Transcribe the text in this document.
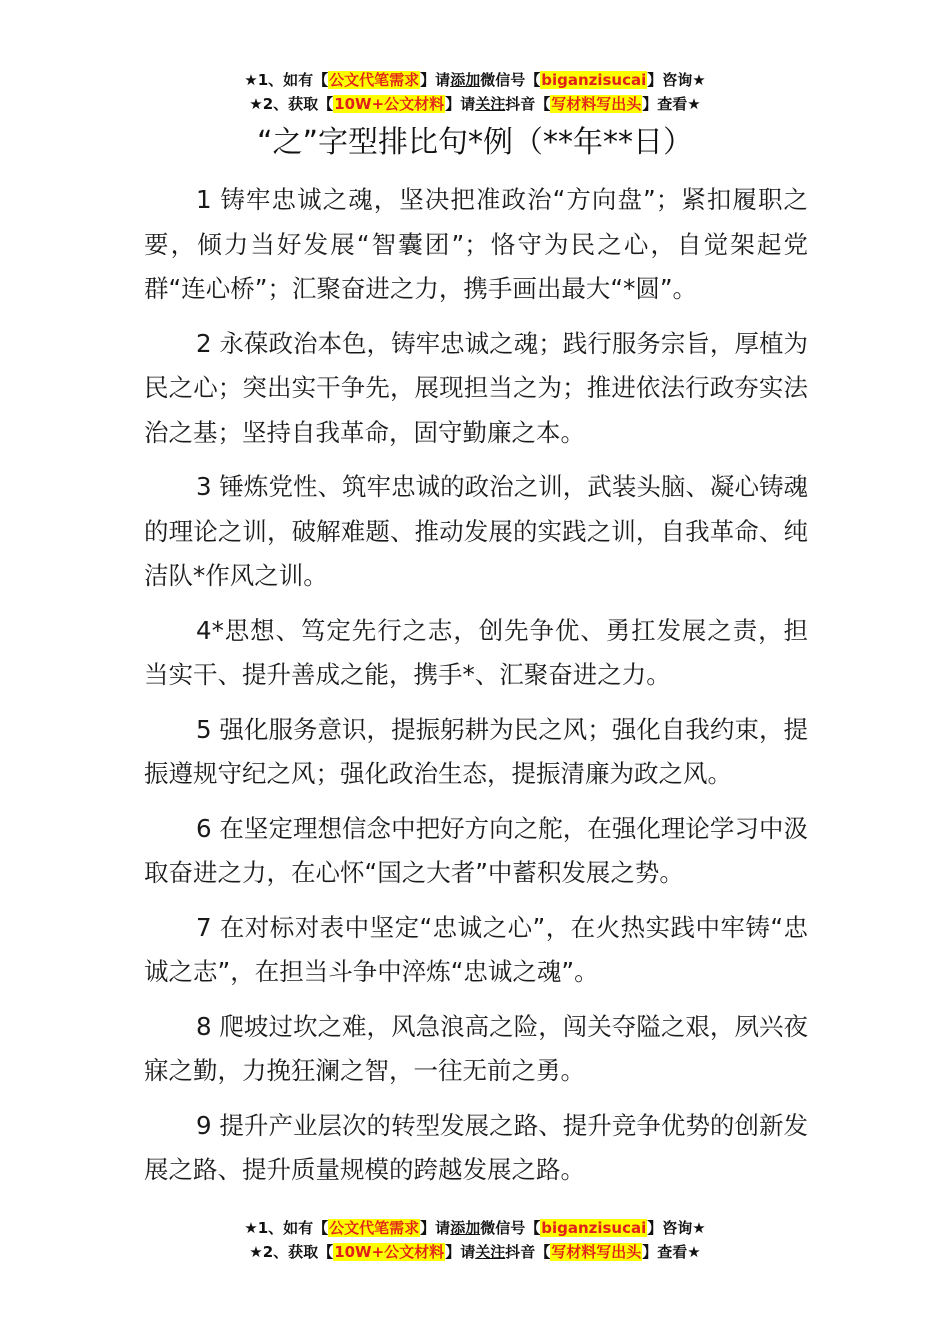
★1、如有【公文代笔需求】请添加微信号【biganzisucai】咨询★
★2、获取【10W+公文材料】请关注抖音【写材料写出头】查看★
“之”字型排比句*例（**年**日）

1 铸牢忠诚之魂，坚决把准政治“方向盘”；紧扣履职之要，倾力当好发展“智囊团”；恪守为民之心，自觉架起党群“连心桥”；汇聚奋进之力，携手画出最大“*圆”。

2 永葆政治本色，铸牢忠诚之魂；践行服务宗旨，厚植为民之心；突出实干争先，展现担当之为；推进依法行政夯实法治之基；坚持自我革命，固守勤廉之本。

3 锤炼党性、筑牢忠诚的政治之训，武装头脑、凝心铸魂的理论之训，破解难题、推动发展的实践之训，自我革命、纯洁队*作风之训。

4*思想、笃定先行之志，创先争优、勇扛发展之责，担当实干、提升善成之能，携手*、汇聚奋进之力。

5 强化服务意识，提振躬耕为民之风；强化自我约束，提振遵规守纪之风；强化政治生态，提振清廉为政之风。

6 在坚定理想信念中把好方向之舵，在强化理论学习中汲取奋进之力，在心怀“国之大者”中蓄积发展之势。

7 在对标对表中坚定“忠诚之心”，在火热实践中牢铸“忠诚之志”，在担当斗争中淬炼“忠诚之魂”。

8 爬坡过坎之难，风急浪高之险，闯关夺隘之艰，夙兴夜寐之勤，力挽狂澜之智，一往无前之勇。

9 提升产业层次的转型发展之路、提升竞争优势的创新发展之路、提升质量规模的跨越发展之路。

★1、如有【公文代笔需求】请添加微信号【biganzisucai】咨询★
★2、获取【10W+公文材料】请关注抖音【写材料写出头】查看★
